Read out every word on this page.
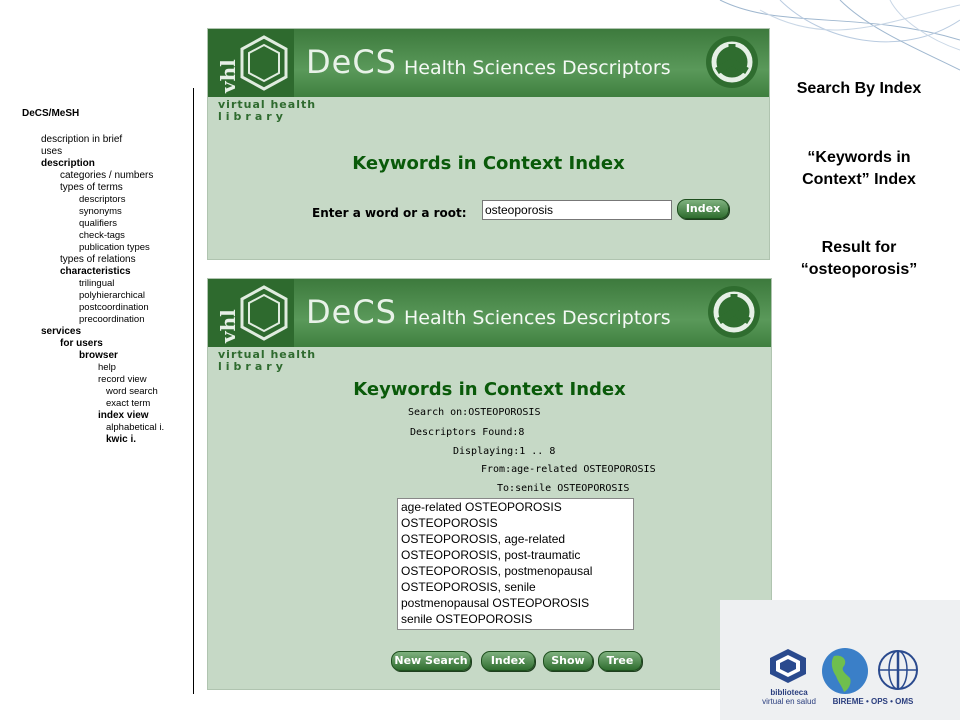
DeCS/MeSH
description in brief
uses
description
categories / numbers
types of terms
descriptors
synonyms
qualifiers
check-tags
publication types
types of relations
characteristics
trilingual
polyhierarchical
postcoordination
precoordination
services
for users
browser
help
record view
word search
exact term
index view
alphabetical i.
kwic i.
vhl DeCS Health Sciences Descriptors
virtual health
library
Keywords in Context Index
Enter a word or a root:
osteoporosis	Index
vhl DeCS Health Sciences Descriptors
virtual health
library
Keywords in Context Index
Search on:OSTEOPOROSIS
Descriptors Found:8
Displaying:1 .. 8
From:age-related OSTEOPOROSIS
To:senile OSTEOPOROSIS
age-related OSTEOPOROSIS
OSTEOPOROSIS
OSTEOPOROSIS, age-related
OSTEOPOROSIS, post-traumatic
OSTEOPOROSIS, postmenopausal
OSTEOPOROSIS, senile
postmenopausal OSTEOPOROSIS
senile OSTEOPOROSIS
New Search	Index	Show	Tree
Search By Index
“Keywords in
Context” Index
Result for
“osteoporosis”
biblioteca
virtual en salud	BIREME • OPS • OMS
